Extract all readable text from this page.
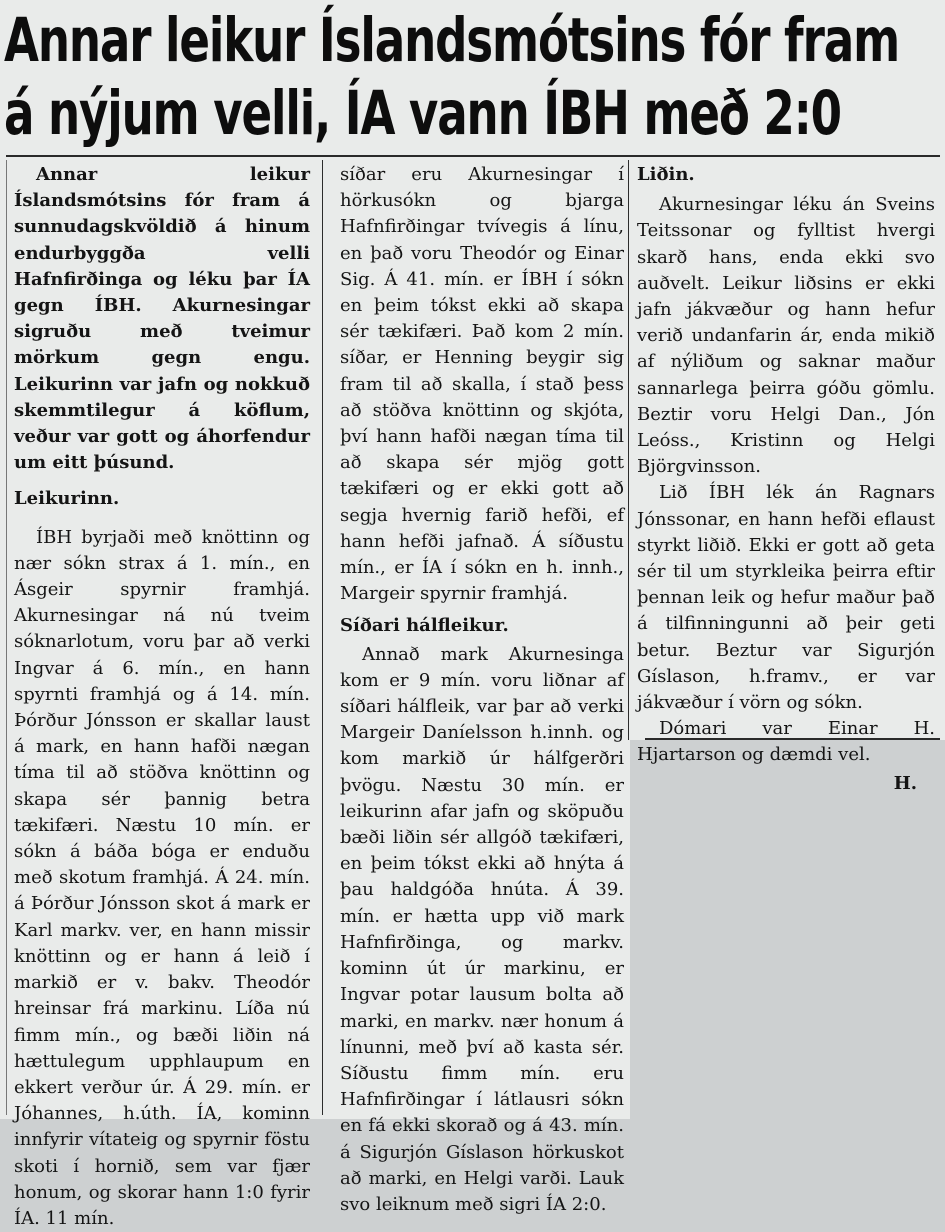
Annar leikur Íslandsmótsins fór fram
á nýjum velli, ÍA vann ÍBH með 2:0

Annar leikur Íslandsmótsins fór fram á sunnudagskvöldið á hinum endurbyggða velli Hafnfirðinga og léku þar ÍA gegn ÍBH. Akurnesingar sigruðu með tveimur mörkum gegn engu. Leikurinn var jafn og nokkuð skemmtilegur á köflum, veður var gott og áhorfendur um eitt þúsund.

Leikurinn.

ÍBH byrjaði með knöttinn og nær sókn strax á 1. mín., en Ásgeir spyrnir framhjá. Akurnesingar ná nú tveim sóknarlotum, voru þar að verki Ingvar á 6. mín., en hann spyrnti framhjá og á 14. mín. Þórður Jónsson er skallar laust á mark, en hann hafði nægan tíma til að stöðva knöttinn og skapa sér þannig betra tækifæri. Næstu 10 mín. er sókn á báða bóga er enduðu með skotum framhjá. Á 24. mín. á Þórður Jónsson skot á mark er Karl markv. ver, en hann missir knöttinn og er hann á leið í markið er v. bakv. Theodór hreinsar frá markinu. Líða nú fimm mín., og bæði liðin ná hættulegum upphlaupum en ekkert verður úr. Á 29. mín. er Jóhannes, h.úth. ÍA, kominn innfyrir vítateig og spyrnir föstu skoti í hornið, sem var fjær honum, og skorar hann 1:0 fyrir ÍA. 11 mín.

síðar eru Akurnesingar í hörkusókn og bjarga Hafnfirðingar tvívegis á línu, en það voru Theodór og Einar Sig. Á 41. mín. er ÍBH í sókn en þeim tókst ekki að skapa sér tækifæri. Það kom 2 mín. síðar, er Henning beygir sig fram til að skalla, í stað þess að stöðva knöttinn og skjóta, því hann hafði nægan tíma til að skapa sér mjög gott tækifæri og er ekki gott að segja hvernig farið hefði, ef hann hefði jafnað. Á síðustu mín., er ÍA í sókn en h. innh., Margeir spyrnir framhjá.

Síðari hálfleikur.

Annað mark Akurnesinga kom er 9 mín. voru liðnar af síðari hálfleik, var þar að verki Margeir Daníelsson h.innh. og kom markið úr hálfgerðri þvögu. Næstu 30 mín. er leikurinn afar jafn og sköpuðu bæði liðin sér allgóð tækifæri, en þeim tókst ekki að hnýta á þau haldgóða hnúta. Á 39. mín. er hætta upp við mark Hafnfirðinga, og markv. kominn út úr markinu, er Ingvar potar lausum bolta að marki, en markv. nær honum á línunni, með því að kasta sér. Síðustu fimm mín. eru Hafnfirðingar í látlausri sókn en fá ekki skorað og á 43. mín. á Sigurjón Gíslason hörkuskot að marki, en Helgi varði. Lauk svo leiknum með sigri ÍA 2:0.

Liðin.

Akurnesingar léku án Sveins Teitssonar og fylltist hvergi skarð hans, enda ekki svo auðvelt. Leikur liðsins er ekki jafn jákvæður og hann hefur verið undanfarin ár, enda mikið af nýliðum og saknar maður sannarlega þeirra góðu gömlu. Beztir voru Helgi Dan., Jón Leóss., Kristinn og Helgi Björgvinsson.

Lið ÍBH lék án Ragnars Jónssonar, en hann hefði eflaust styrkt liðið. Ekki er gott að geta sér til um styrkleika þeirra eftir þennan leik og hefur maður það á tilfinningunni að þeir geti betur. Beztur var Sigurjón Gíslason, h.framv., er var jákvæður í vörn og sókn.

Dómari var Einar H. Hjartarson og dæmdi vel.

H.
